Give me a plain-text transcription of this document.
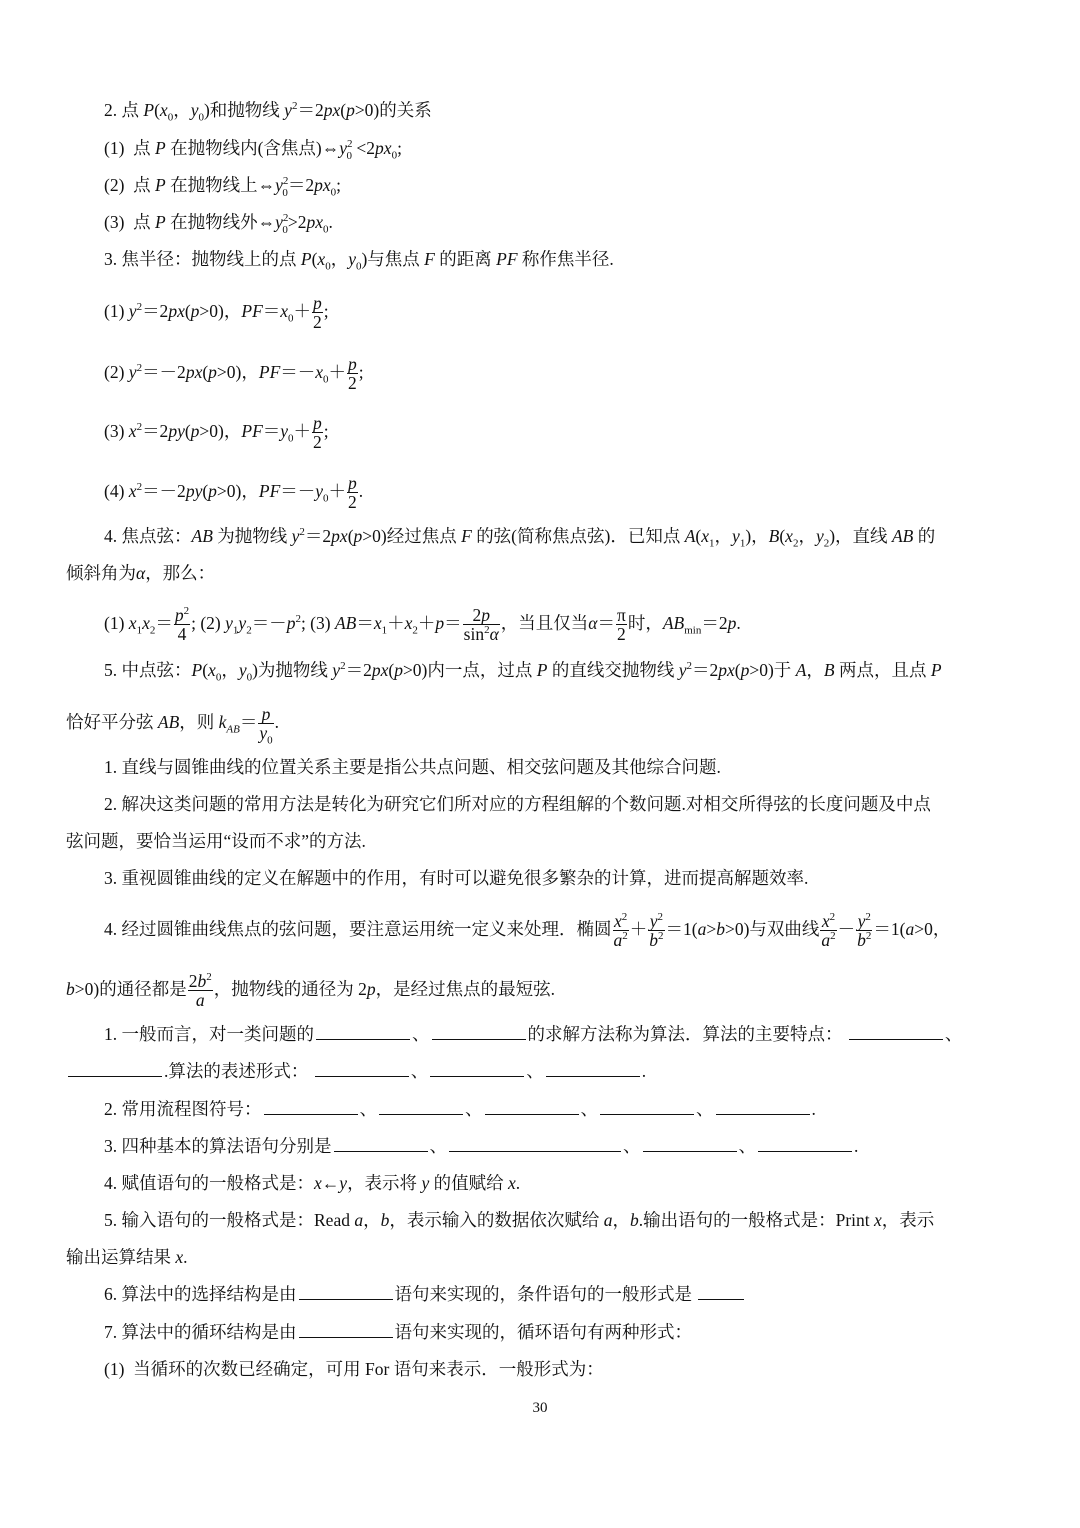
2. 点 $P(x_0$，$y_0$)和抛物线 $y^2=2px(p>0)$的关系
(1)  点 P 在抛物线内(含焦点)$\Leftrightarrow y^2_0 <2px_0$;
(2)  点 P 在抛物线上$\Leftrightarrow y^2_0=2px_0$;
(3)  点 P 在抛物线外$\Leftrightarrow y^2_0>2px_0$.
3. 焦半径：抛物线上的点 $P(x_0$，$y_0$)与焦点 F 的距离 PF 称作焦半径.
(1) $y^2=2px(p>0)$，$PF=x_0+ \frac{p}{2}$ ;
(2) $y^2=-2px(p>0)$，$PF=-x_0+ \frac{p}{2}$ ;
(3) $x^2=2py(p>0)$，$PF=y_0+ \frac{p}{2}$ ;
(4) $x^2=-2py(p>0)$，$PF=-y_0+ \frac{p}{2}$ .
4. 焦点弦：AB 为抛物线 $y^2=2px(p>0)$经过焦点 F 的弦(简称焦点弦)．已知点 $A(x_1$，$y_1$)，$B(x_2$，$y_2$)，直线 AB 的
倾斜角为α，那么：
(1) $x_1x_2= \frac{p^2}{4}$ ; (2) $y_1y_2=-p^2$; (3) $AB=x_1+x_2+p= \frac{2p}{\sin^2\alpha}$ ，当且仅当$\alpha= \frac{\pi}{2}$ 时，$AB_{min}=2p$.
5. 中点弦：$P(x_0$，$y_0$)为抛物线 $y^2=2px(p>0)$内一点，过点 P 的直线交抛物线 $y^2=2px(p>0)$于 A，B 两点，且点 P
恰好平分弦 AB，则 $k_{AB}= \frac{p}{y_0}$ .
1. 直线与圆锥曲线的位置关系主要是指公共点问题、相交弦问题及其他综合问题.
2. 解决这类问题的常用方法是转化为研究它们所对应的方程组解的个数问题.对相交所得弦的长度问题及中点
弦问题，要恰当运用“设而不求”的方法.
3. 重视圆锥曲线的定义在解题中的作用，有时可以避免很多繁杂的计算，进而提高解题效率.
4. 经过圆锥曲线焦点的弦问题，要注意运用统一定义来处理．椭圆 $\frac{x^2}{a^2} + \frac{y^2}{b^2} =1(a>b>0)$与双曲线 $\frac{x^2}{a^2} - \frac{y^2}{b^2} =1(a>0$，
b>0)的通径都是 $\frac{2b^2}{a}$ ，抛物线的通径为 2p，是经过焦点的最短弦.
1. 一般而言，对一类问题的	、	的求解方法称为算法．算法的主要特点：	、
.算法的表述形式：	、	、	.
2. 常用流程图符号：	、	、	、	、	.
3. 四种基本的算法语句分别是	、	、	、	.
4. 赋值语句的一般格式是：x←y，表示将 y 的值赋给 x.
5. 输入语句的一般格式是：Read a，b，表示输入的数据依次赋给 a，b.输出语句的一般格式是：Print x，表示
输出运算结果 x.
6. 算法中的选择结构是由	语句来实现的，条件语句的一般形式是
7. 算法中的循环结构是由	语句来实现的，循环语句有两种形式：
(1)  当循环的次数已经确定，可用 For 语句来表示．一般形式为：
30
